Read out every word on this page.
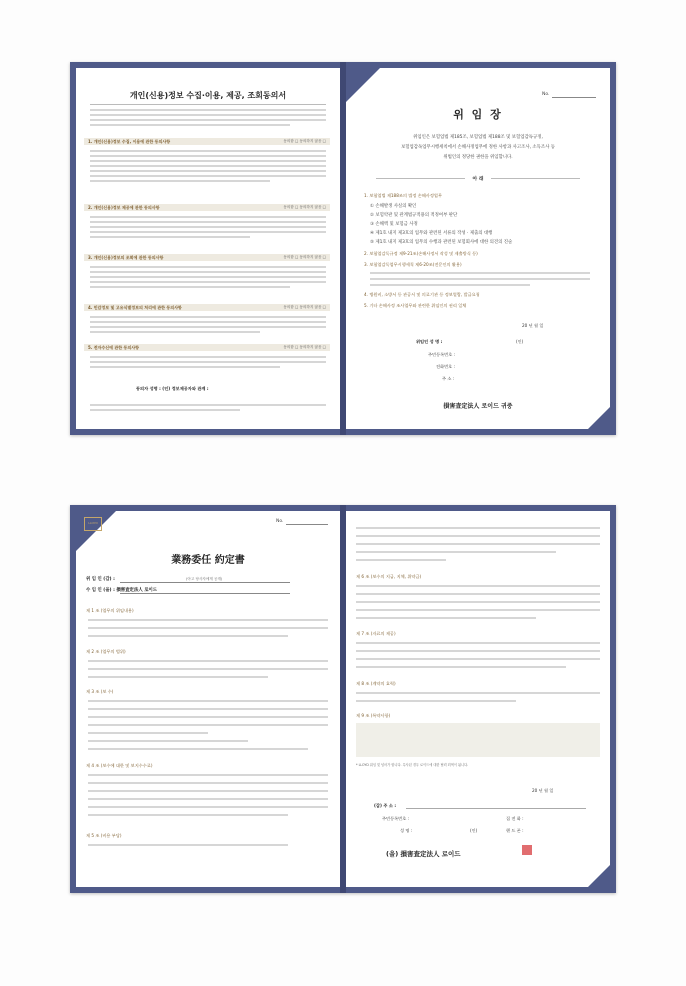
개인(신용)정보 수집·이용, 제공, 조회동의서
1. 개인(신용)정보 수집, 이용에 관한 동의사항	동의함 □ 동의하지 않음 □
2. 개인(신용)정보 제공에 관한 동의사항	동의함 □ 동의하지 않음 □
3. 개인(신용)정보의 조회에 관한 동의사항	동의함 □ 동의하지 않음 □
4. 민감정보 및 고유식별정보의 처리에 관한 동의사항	동의함 □ 동의하지 않음 □
5. 전자수신에 관한 동의사항	동의함 □ 동의하지 않음 □
동의자 성명 : (인) 정보제공자와 관계 :
No.
위 임 장
위임인은 보험업법 제185조, 보험업법 제188조 및 보험업감독규정,
보험업감독업무시행세칙에서 손해사정업무에 정한 사항과 사고조사, 소득조사 등
위법인의 정당한 권한을 위임합니다.
아 래
1. 보험업법 제188조의 법정 손해사정업무
① 손해발생 사실의 확인
② 보험약관 및 관계법규적용의 적정여부 판단
③ 손해액 및 보험금 사정
④ 제1호 내지 제3호의 업무와 관련된 서류의 작성 · 제출의 대행
⑤ 제1호 내지 제3호의 업무의 수행과 관련된 보험회사에 대한 의견의 진술
2. 보험업감독규정 제9-21조(손해사정서 작성 및 제출방식 등)
3. 보험업감독업무시행세칙 제6-20조(전문인의 활용)
4. 병원비, 소방서 등 관공서 및 의료기관 등 정보열람, 발급요청
5. 기타 손해사정 조사업무와 관련한 위임인의 권리 일체
20 년 월 일
위임인 성 명 :	(인)
주민등록번호 :
전화번호 :
주 소 :
損害査定法人 로이드 귀중
LLOYD	No.
業務委任 約定書
위 임 인 (갑) :	(아고 당사자에게 공개)
수 임 인 (을) : 損害査定法人 로이드
제 1 조 (업무의 위임내용)
제 2 조 (업무의 범위)
제 3 조 (보 수)
제 4 조 (보수에 대한 및 보지수수료)
제 5 조 (비용 부담)
제 6 조 (보수의 지급, 지체, 위약금)
제 7 조 (자료의 제공)
제 8 조 (계약의 효력)
제 9 조 (특약사항)
* LLOYD 위임 및 넘어가 합니다. 특사된 경우 로이드에 대한 협력 회색이 됩니다.
20 년 월 일
(갑) 주 소 :
주민등록번호 :	집 전 화 :
성 명 :	(인)	핸 드 폰 :
(을) 損害査定法人 로이드
